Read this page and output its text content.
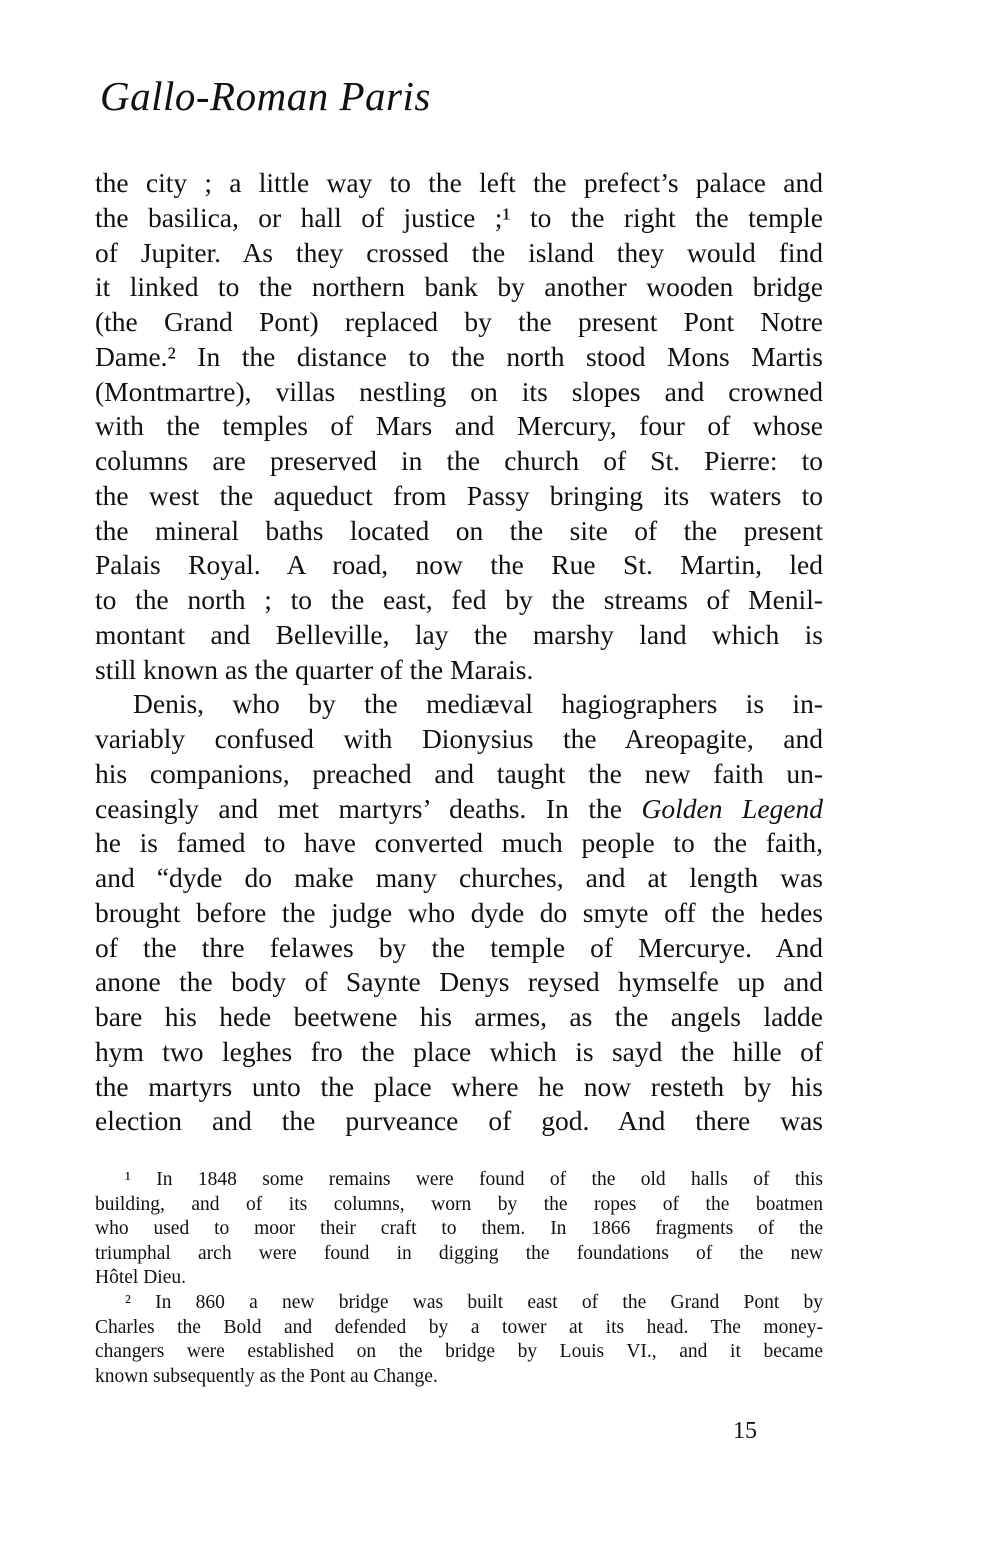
Gallo-Roman Paris
the city ; a little way to the left the prefect’s palace and
the basilica, or hall of justice ;¹ to the right the temple
of Jupiter. As they crossed the island they would find
it linked to the northern bank by another wooden bridge
(the Grand Pont) replaced by the present Pont Notre
Dame.² In the distance to the north stood Mons Martis
(Montmartre), villas nestling on its slopes and crowned
with the temples of Mars and Mercury, four of whose
columns are preserved in the church of St. Pierre: to
the west the aqueduct from Passy bringing its waters to
the mineral baths located on the site of the present
Palais Royal. A road, now the Rue St. Martin, led
to the north ; to the east, fed by the streams of Menil-
montant and Belleville, lay the marshy land which is
still known as the quarter of the Marais.
Denis, who by the mediæval hagiographers is in-
variably confused with Dionysius the Areopagite, and
his companions, preached and taught the new faith un-
ceasingly and met martyrs’ deaths. In the Golden Legend
he is famed to have converted much people to the faith,
and “dyde do make many churches, and at length was
brought before the judge who dyde do smyte off the hedes
of the thre felawes by the temple of Mercurye. And
anone the body of Saynte Denys reysed hymselfe up and
bare his hede beetwene his armes, as the angels ladde
hym two leghes fro the place which is sayd the hille of
the martyrs unto the place where he now resteth by his
election and the purveance of god. And there was
¹ In 1848 some remains were found of the old halls of this
building, and of its columns, worn by the ropes of the boatmen
who used to moor their craft to them. In 1866 fragments of the
triumphal arch were found in digging the foundations of the new
Hôtel Dieu.
² In 860 a new bridge was built east of the Grand Pont by
Charles the Bold and defended by a tower at its head. The money-
changers were established on the bridge by Louis VI., and it became
known subsequently as the Pont au Change.
15
